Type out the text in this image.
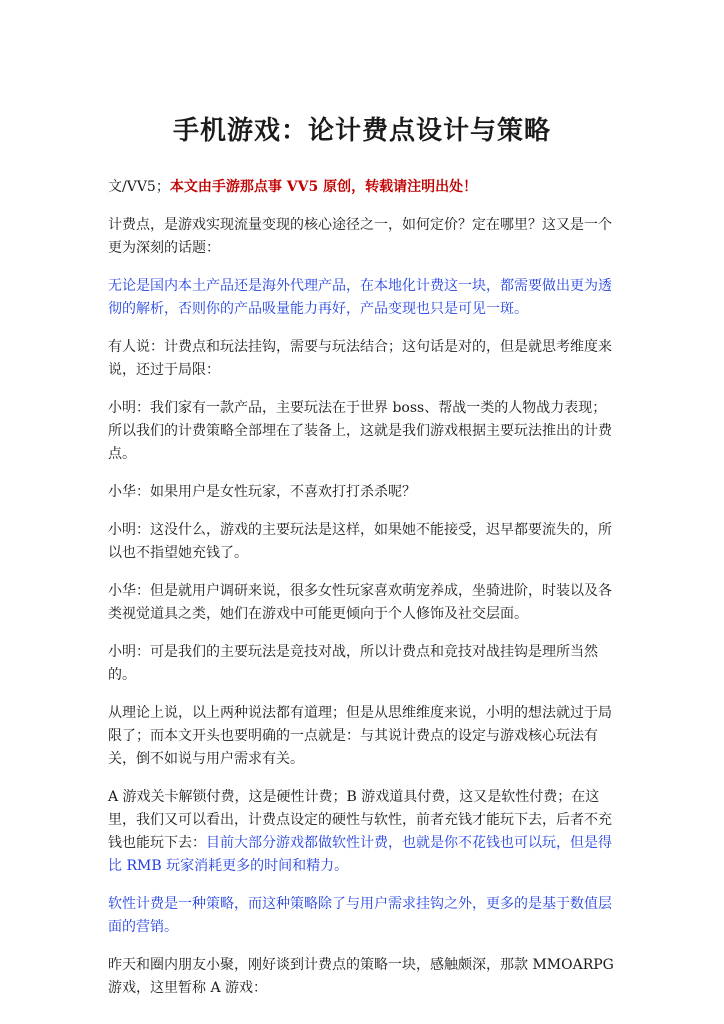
手机游戏：论计费点设计与策略

文/VV5；本文由手游那点事 VV5 原创，转载请注明出处！

计费点，是游戏实现流量变现的核心途径之一，如何定价？定在哪里？这又是一个更为深刻的话题：

无论是国内本土产品还是海外代理产品，在本地化计费这一块，都需要做出更为透彻的解析，否则你的产品吸量能力再好，产品变现也只是可见一斑。

有人说：计费点和玩法挂钩，需要与玩法结合；这句话是对的，但是就思考维度来说，还过于局限：

小明：我们家有一款产品，主要玩法在于世界 boss、帮战一类的人物战力表现；所以我们的计费策略全部埋在了装备上，这就是我们游戏根据主要玩法推出的计费点。

小华：如果用户是女性玩家，不喜欢打打杀杀呢？

小明：这没什么，游戏的主要玩法是这样，如果她不能接受，迟早都要流失的，所以也不指望她充钱了。

小华：但是就用户调研来说，很多女性玩家喜欢萌宠养成，坐骑进阶，时装以及各类视觉道具之类，她们在游戏中可能更倾向于个人修饰及社交层面。

小明：可是我们的主要玩法是竞技对战，所以计费点和竞技对战挂钩是理所当然的。

从理论上说，以上两种说法都有道理；但是从思维维度来说，小明的想法就过于局限了；而本文开头也要明确的一点就是：与其说计费点的设定与游戏核心玩法有关，倒不如说与用户需求有关。

A 游戏关卡解锁付费，这是硬性计费；B 游戏道具付费，这又是软性付费；在这里，我们又可以看出，计费点设定的硬性与软性，前者充钱才能玩下去，后者不充钱也能玩下去：目前大部分游戏都做软性计费，也就是你不花钱也可以玩，但是得比 RMB 玩家消耗更多的时间和精力。

软性计费是一种策略，而这种策略除了与用户需求挂钩之外，更多的是基于数值层面的营销。

昨天和圈内朋友小聚，刚好谈到计费点的策略一块，感触颇深，那款 MMOARPG 游戏，这里暂称 A 游戏：
